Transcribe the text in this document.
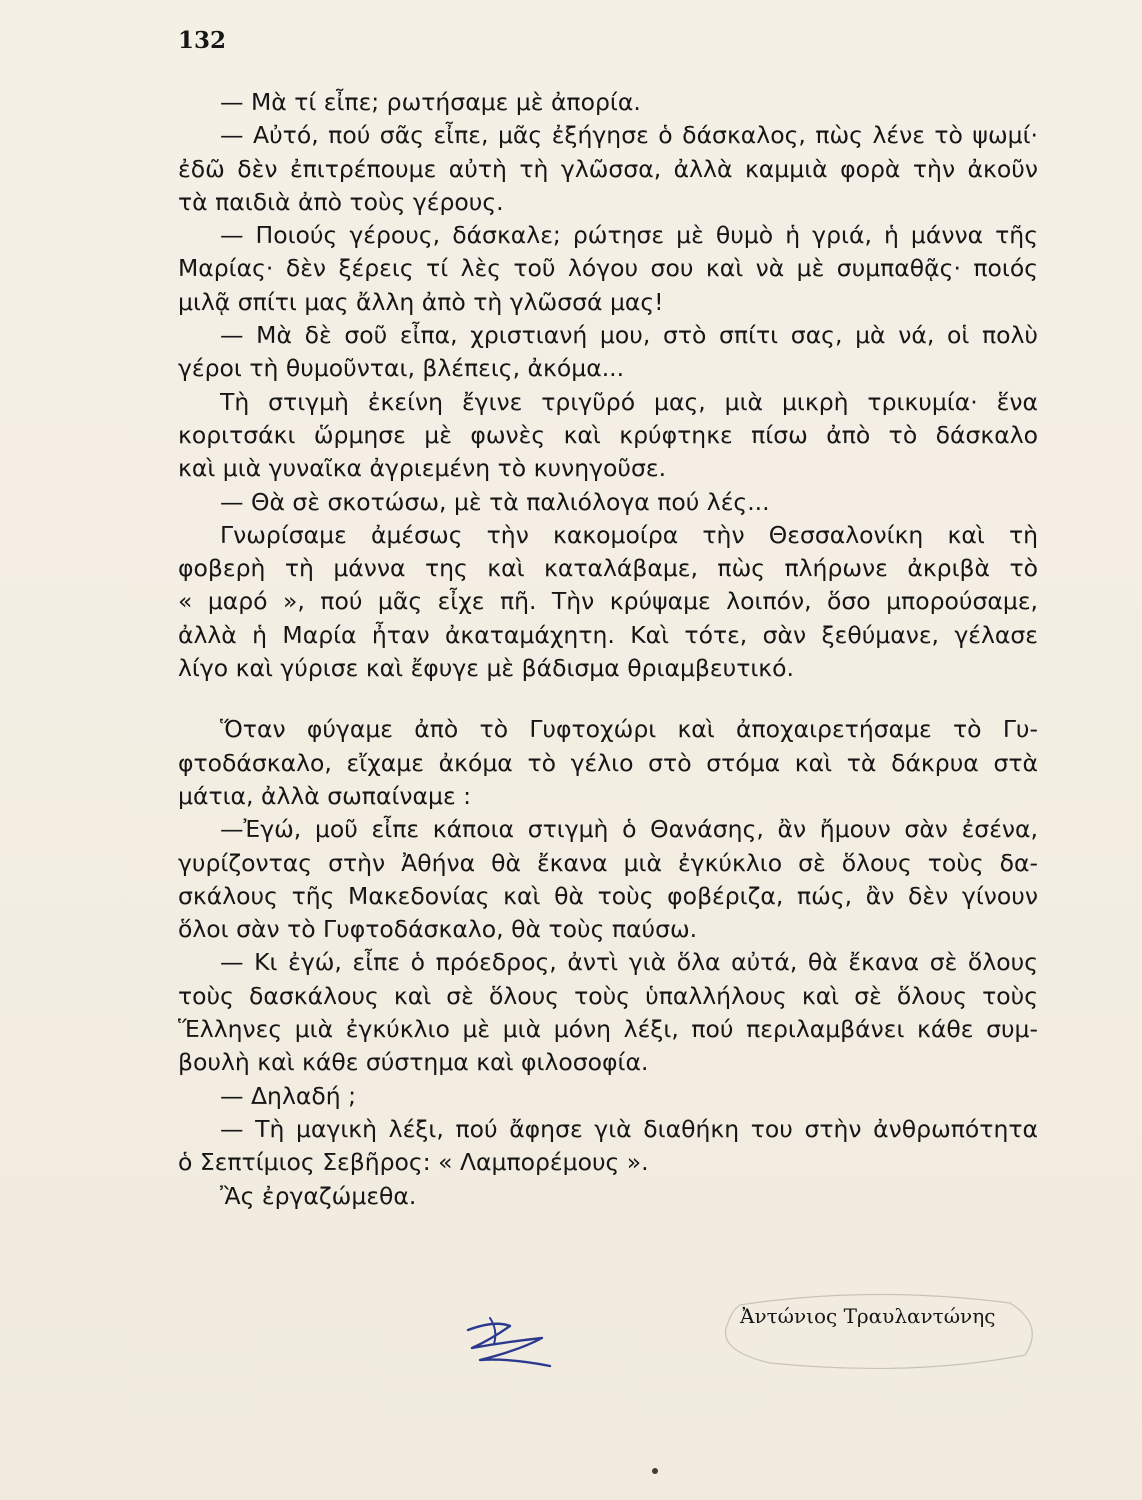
132
— Μὰ τί εἶπε; ρωτήσαμε μὲ ἀπορία.
— Αὐτό, πού σᾶς εἶπε, μᾶς ἐξήγησε ὁ δάσκαλος, πὼς λένε τὸ ψωμί·
ἐδῶ δὲν ἐπιτρέπουμε αὐτὴ τὴ γλῶσσα, ἀλλὰ καμμιὰ φορὰ τὴν ἀκοῦν
τὰ παιδιὰ ἀπὸ τοὺς γέρους.
— Ποιούς γέρους, δάσκαλε; ρώτησε μὲ θυμὸ ἡ γριά, ἡ μάννα τῆς
Μαρίας· δὲν ξέρεις τί λὲς τοῦ λόγου σου καὶ νὰ μὲ συμπαθᾷς· ποιός
μιλᾷ σπίτι μας ἄλλη ἀπὸ τὴ γλῶσσά μας!
— Μὰ δὲ σοῦ εἶπα, χριστιανή μου, στὸ σπίτι σας, μὰ νά, οἱ πολὺ
γέροι τὴ θυμοῦνται, βλέπεις, ἀκόμα...
Τὴ στιγμὴ ἐκείνη ἔγινε τριγῦρό μας, μιὰ μικρὴ τρικυμία· ἕνα
κοριτσάκι ὥρμησε μὲ φωνὲς καὶ κρύφτηκε πίσω ἀπὸ τὸ δάσκαλο
καὶ μιὰ γυναῖκα ἀγριεμένη τὸ κυνηγοῦσε.
— Θὰ σὲ σκοτώσω, μὲ τὰ παλιόλογα πού λές...
Γνωρίσαμε ἀμέσως τὴν κακομοίρα τὴν Θεσσαλονίκη καὶ τὴ
φοβερὴ τὴ μάννα της καὶ καταλάβαμε, πὼς πλήρωνε ἀκριβὰ τὸ
« μαρό », πού μᾶς εἶχε πῆ. Τὴν κρύψαμε λοιπόν, ὅσο μπορούσαμε,
ἀλλὰ ἡ Μαρία ἦταν ἀκαταμάχητη. Καὶ τότε, σὰν ξεθύμανε, γέλασε
λίγο καὶ γύρισε καὶ ἔφυγε μὲ βάδισμα θριαμβευτικό.
Ὅταν φύγαμε ἀπὸ τὸ Γυφτοχώρι καὶ ἀποχαιρετήσαμε τὸ Γυ-
φτοδάσκαλο, εἴχαμε ἀκόμα τὸ γέλιο στὸ στόμα καὶ τὰ δάκρυα στὰ
μάτια, ἀλλὰ σωπαίναμε :
—Ἐγώ, μοῦ εἶπε κάποια στιγμὴ ὁ Θανάσης, ἂν ἤμουν σὰν ἐσένα,
γυρίζοντας στὴν Ἀθήνα θὰ ἔκανα μιὰ ἐγκύκλιο σὲ ὅλους τοὺς δα-
σκάλους τῆς Μακεδονίας καὶ θὰ τοὺς φοβέριζα, πώς, ἂν δὲν γίνουν
ὅλοι σὰν τὸ Γυφτοδάσκαλο, θὰ τοὺς παύσω.
— Κι ἐγώ, εἶπε ὁ πρόεδρος, ἀντὶ γιὰ ὅλα αὐτά, θὰ ἔκανα σὲ ὅλους
τοὺς δασκάλους καὶ σὲ ὅλους τοὺς ὑπαλλήλους καὶ σὲ ὅλους τοὺς
Ἕλληνες μιὰ ἐγκύκλιο μὲ μιὰ μόνη λέξι, πού περιλαμβάνει κάθε συμ-
βουλὴ καὶ κάθε σύστημα καὶ φιλοσοφία.
— Δηλαδή ;
— Τὴ μαγικὴ λέξι, πού ἄφησε γιὰ διαθήκη του στὴν ἀνθρωπότητα
ὁ Σεπτίμιος Σεβῆρος: « Λαμπορέμους ».
Ἂς ἐργαζώμεθα.
Ἀντώνιος Τραυλαντώνης
